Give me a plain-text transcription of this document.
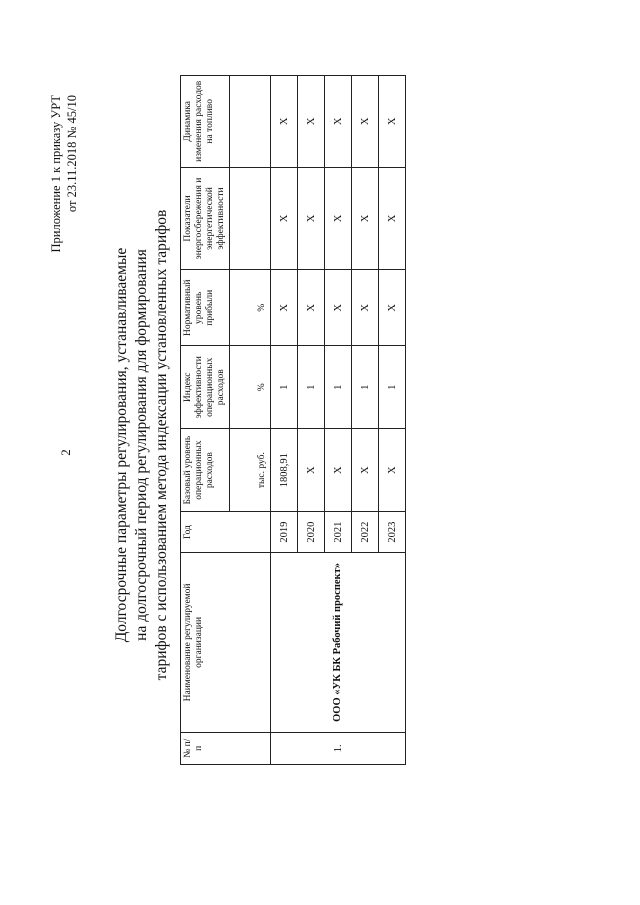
2
Приложение 1 к приказу УРТ от 23.11.2018 № 45/10
Долгосрочные параметры регулирования, устанавливаемые на долгосрочный период регулирования для формирования тарифов с использованием метода индексации установленных тарифов
№ п/п	Наименование регулируемой организации	Год	Базовый уровень операционных расходов	Индекс эффективности операционных расходов	Нормативный уровень прибыли	Показатели энергосбережения и энергетической эффективности	Динамика изменения расходов на топливо
			тыс. руб.	%	%		
1.	ООО «УК БК Рабочий проспект»	2019	1808,91	1	X	X	X
		2020	X	1	X	X	X
		2021	X	1	X	X	X
		2022	X	1	X	X	X
		2023	X	1	X	X	X
